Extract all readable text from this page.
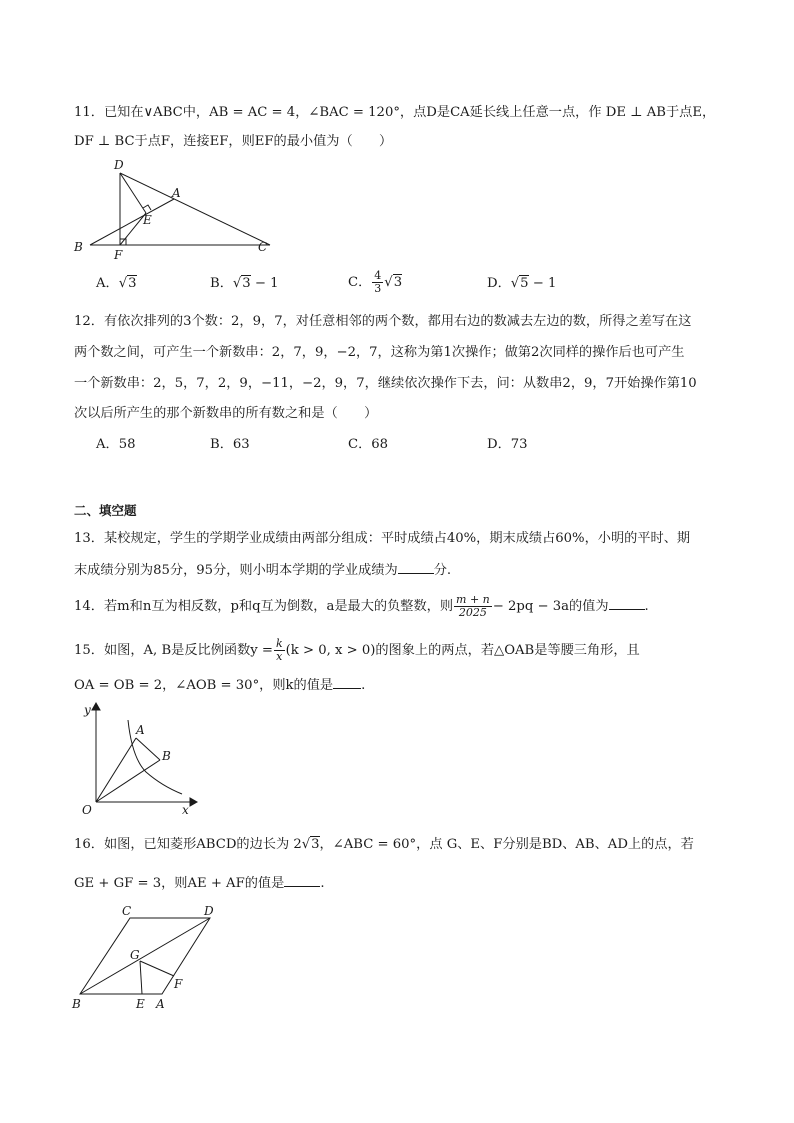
11．已知在∨ABC中，AB = AC = 4，∠BAC = 120°，点D是CA延长线上任意一点，作 DE ⊥ AB于点E，
DF ⊥ BC于点F，连接EF，则EF的最小值为（　　）
D
A
E
B
F
C
A．√3	B．√3 − 1	C． $\frac{4}{3} √3$	D．√5 − 1
12．有依次排列的3个数：2，9，7，对任意相邻的两个数，都用右边的数减去左边的数，所得之差写在这
两个数之间，可产生一个新数串：2，7，9，−2，7，这称为第1次操作；做第2次同样的操作后也可产生
一个新数串：2，5，7，2，9，−11，−2，9，7，继续依次操作下去，问：从数串2，9，7开始操作第10
次以后所产生的那个新数串的所有数之和是（　　）
A．58	B．63	C．68	D．73
二、填空题
13．某校规定，学生的学期学业成绩由两部分组成：平时成绩占40%，期末成绩占60%，小明的平时、期
末成绩分别为85分，95分，则小明本学期的学业成绩为	分.
14．若m和n互为相反数，p和q互为倒数，a是最大的负整数，则 $\frac{m + n}{2025} - 2pq - 3a$的值为	.
15．如图，A, B是反比例函数$y = \frac{k}{x} (k > 0$, x > 0)的图象上的两点，若△OAB是等腰三角形，且
OA = OB = 2，∠AOB = 30°，则k的值是 .
y
x
O
A
B
16．如图，已知菱形ABCD的边长为 2√3，∠ABC = 60°，点 G、E、F分别是BD、AB、AD上的点，若
GE + GF = 3，则AE + AF的值是	.
C	D
G
F
B	E A
